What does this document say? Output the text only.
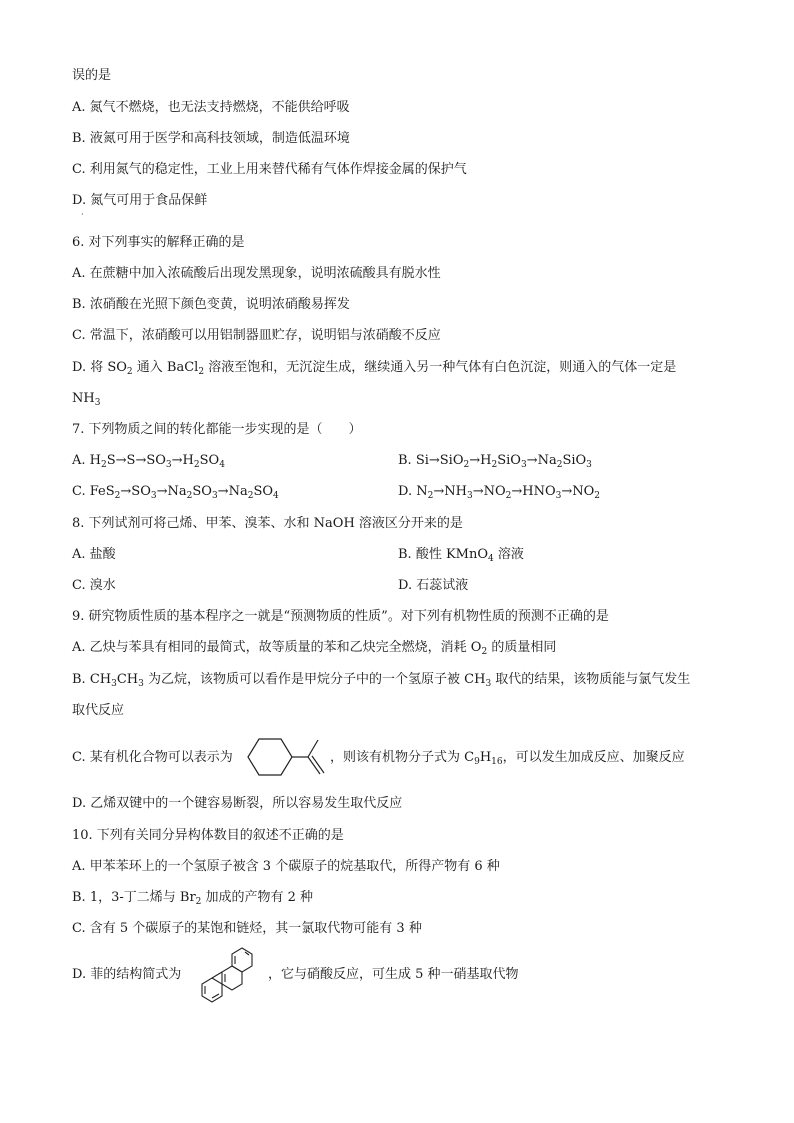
误的是
A. 氮气不燃烧，也无法支持燃烧，不能供给呼吸
B. 液氮可用于医学和高科技领域，制造低温环境
C. 利用氮气的稳定性，工业上用来替代稀有气体作焊接金属的保护气
D. 氮气可用于食品保鲜
·
6. 对下列事实的解释正确的是
A. 在蔗糖中加入浓硫酸后出现发黑现象，说明浓硫酸具有脱水性
B. 浓硝酸在光照下颜色变黄，说明浓硝酸易挥发
C. 常温下，浓硝酸可以用铝制器皿贮存，说明铝与浓硝酸不反应
D. 将 $SO_2$ 通入 BaCl$_2$ 溶液至饱和，无沉淀生成，继续通入另一种气体有白色沉淀，则通入的气体一定是
$NH_3$
7. 下列物质之间的转化都能一步实现的是（　　）
A. $H_2S\to S\to SO_3\to H_2SO_4$	B. $Si\to SiO_2\to H_2SiO_3\to Na_2SiO_3$
C. $FeS_2\to SO_3\to Na_2SO_3\to Na_2SO_4$	D. $N_2\to NH_3\to NO_2\to HNO_3\to NO_2$
8. 下列试剂可将己烯、甲苯、溴苯、水和 NaOH 溶液区分开来的是
A. 盐酸	B. 酸性 KMnO$_4$ 溶液
C. 溴水	D. 石蕊试液
9. 研究物质性质的基本程序之一就是“预测物质的性质”。对下列有机物性质的预测不正确的是
A. 乙炔与苯具有相同的最简式，故等质量的苯和乙炔完全燃烧，消耗 $O_2$ 的质量相同
B. $CH_3CH_3$ 为乙烷，该物质可以看作是甲烷分子中的一个氢原子被 $CH_3$ 取代的结果，该物质能与氯气发生
取代反应
C. 某有机化合物可以表示为	，则该有机物分子式为 $C_9H_{16}$，可以发生加成反应、加聚反应
D. 乙烯双键中的一个键容易断裂，所以容易发生取代反应
10. 下列有关同分异构体数目的叙述不正确的是
A. 甲苯苯环上的一个氢原子被含 3 个碳原子的烷基取代，所得产物有 6 种
B. 1，3-丁二烯与 $Br_2$ 加成的产物有 2 种
C. 含有 5 个碳原子的某饱和链烃，其一氯取代物可能有 3 种
D. 菲的结构简式为	，它与硝酸反应，可生成 5 种一硝基取代物
